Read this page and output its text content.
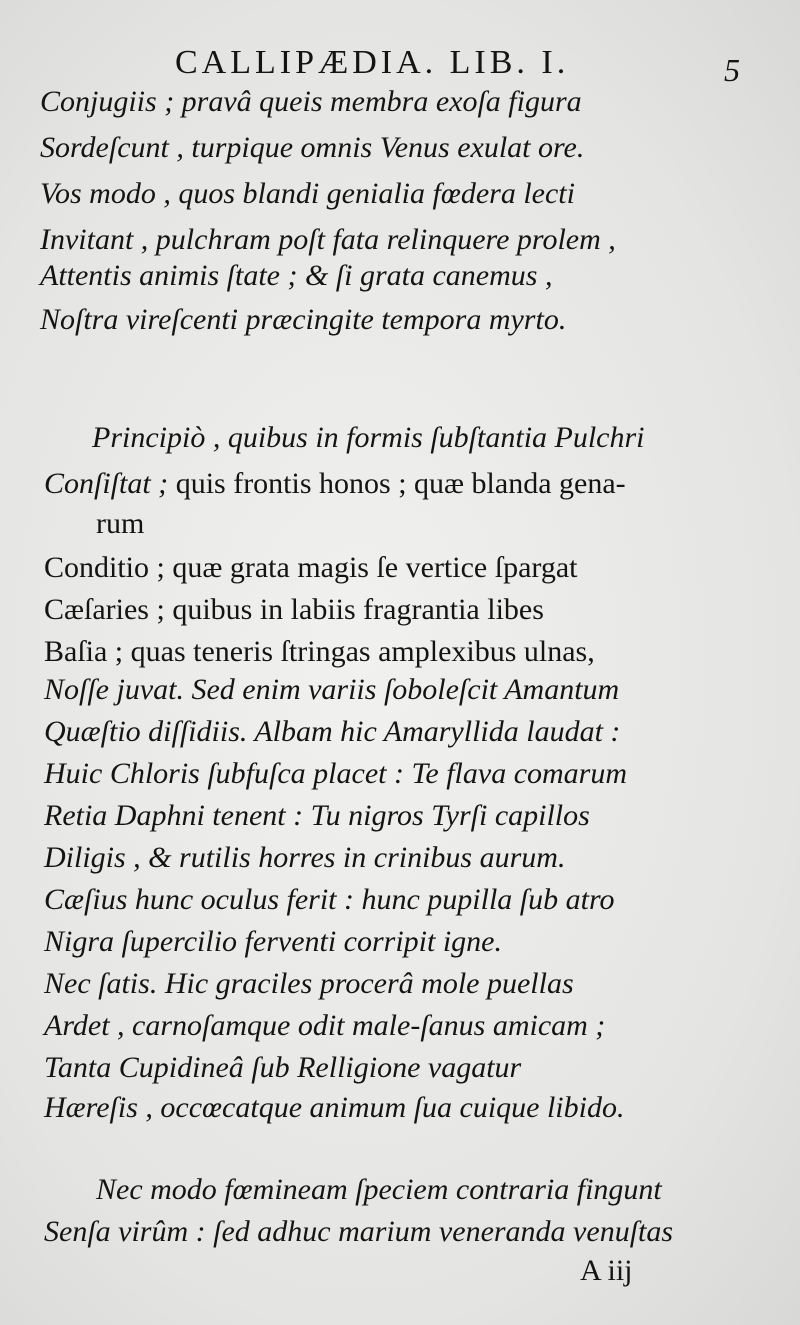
CALLIPÆDIA. LIB. I.	5
Conjugiis ; pravâ queis membra exoſa figura
Sordeſcunt , turpique omnis Venus exulat ore.
Vos modo , quos blandi genialia fœdera lecti
Invitant , pulchram poſt fata relinquere prolem ,
Attentis animis ſtate ; & ſi grata canemus ,
Noſtra vireſcenti præcingite tempora myrto.
Principiò , quibus in formis ſubſtantia Pulchri
Conſiſtat ; quis frontis honos ; quæ blanda gena-
rum
Conditio ; quæ grata magis ſe vertice ſpargat
Cæſaries ; quibus in labiis fragrantia libes
Baſia ; quas teneris ſtringas amplexibus ulnas,
Noſſe juvat. Sed enim variis ſoboleſcit Amantum
Quæſtio diſſidiis. Albam hic Amaryllida laudat :
Huic Chloris ſubfuſca placet : Te flava comarum
Retia Daphni tenent : Tu nigros Tyrſi capillos
Diligis , & rutilis horres in crinibus aurum.
Cæſius hunc oculus ferit : hunc pupilla ſub atro
Nigra ſupercilio ferventi corripit igne.
Nec ſatis. Hic graciles procerâ mole puellas
Ardet , carnoſamque odit male-ſanus amicam ;
Tanta Cupidineâ ſub Relligione vagatur
Hæreſis , occœcatque animum ſua cuique libido.
Nec modo fœmineam ſpeciem contraria fingunt
Senſa virûm : ſed adhuc marium veneranda venuſtas
A iij
